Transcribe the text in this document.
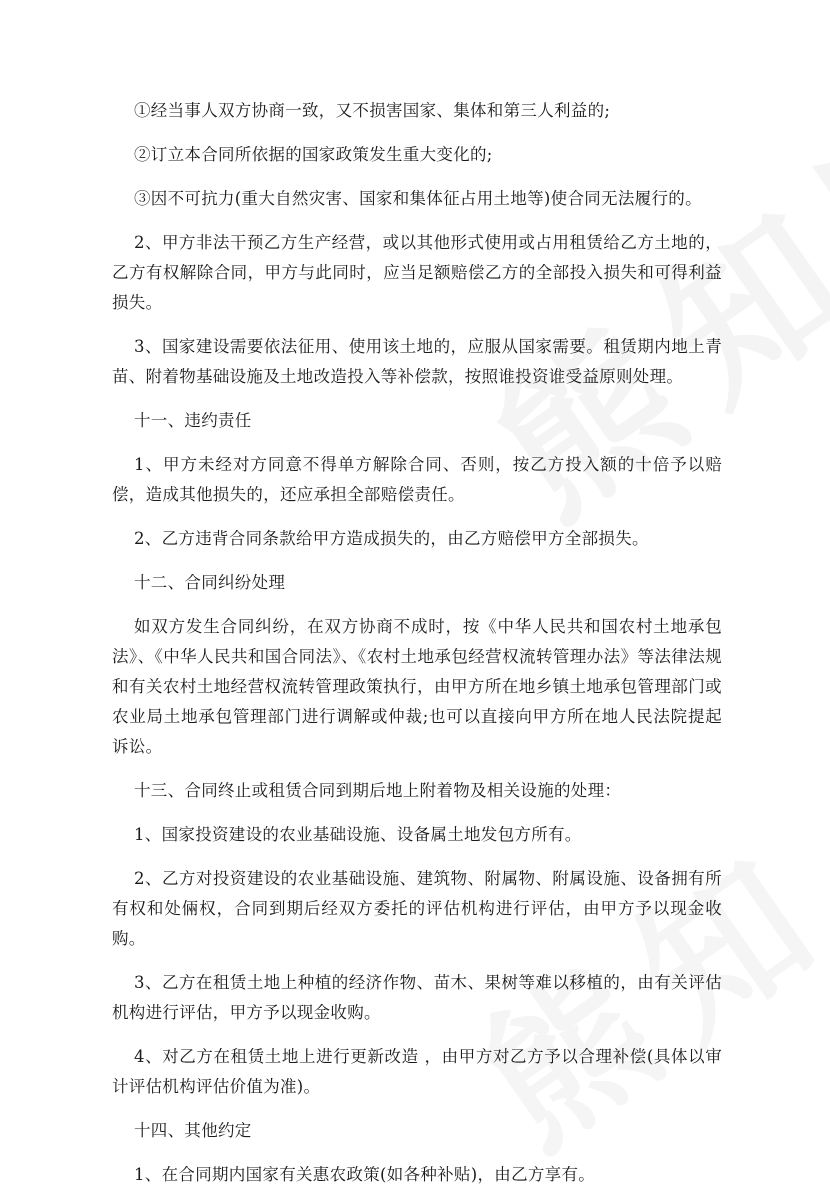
①经当事人双方协商一致，又不损害国家、集体和第三人利益的;

②订立本合同所依据的国家政策发生重大变化的;

③因不可抗力(重大自然灾害、国家和集体征占用土地等)使合同无法履行的。

2、甲方非法干预乙方生产经营，或以其他形式使用或占用租赁给乙方土地的，乙方有权解除合同，甲方与此同时，应当足额赔偿乙方的全部投入损失和可得利益损失。

3、国家建设需要依法征用、使用该土地的，应服从国家需要。租赁期内地上青苗、附着物基础设施及土地改造投入等补偿款，按照谁投资谁受益原则处理。

十一、违约责任

1、甲方未经对方同意不得单方解除合同、否则，按乙方投入额的十倍予以赔偿，造成其他损失的，还应承担全部赔偿责任。

2、乙方违背合同条款给甲方造成损失的，由乙方赔偿甲方全部损失。

十二、合同纠纷处理

如双方发生合同纠纷，在双方协商不成时，按《中华人民共和国农村土地承包法》、《中华人民共和国合同法》、《农村土地承包经营权流转管理办法》等法律法规和有关农村土地经营权流转管理政策执行，由甲方所在地乡镇土地承包管理部门或农业局土地承包管理部门进行调解或仲裁;也可以直接向甲方所在地人民法院提起诉讼。

十三、合同终止或租赁合同到期后地上附着物及相关设施的处理：

1、国家投资建设的农业基础设施、设备属土地发包方所有。

2、乙方对投资建设的农业基础设施、建筑物、附属物、附属设施、设备拥有所有权和处倆权，合同到期后经双方委托的评估机构进行评估，由甲方予以现金收购。

3、乙方在租赁土地上种植的经济作物、苗木、果树等难以移植的，由有关评估机构进行评估，甲方予以现金收购。

4、对乙方在租赁土地上进行更新改造 ，由甲方对乙方予以合理补偿(具体以审计评估机构评估价值为准)。

十四、其他约定

1、在合同期内国家有关惠农政策(如各种补贴)，由乙方享有。
